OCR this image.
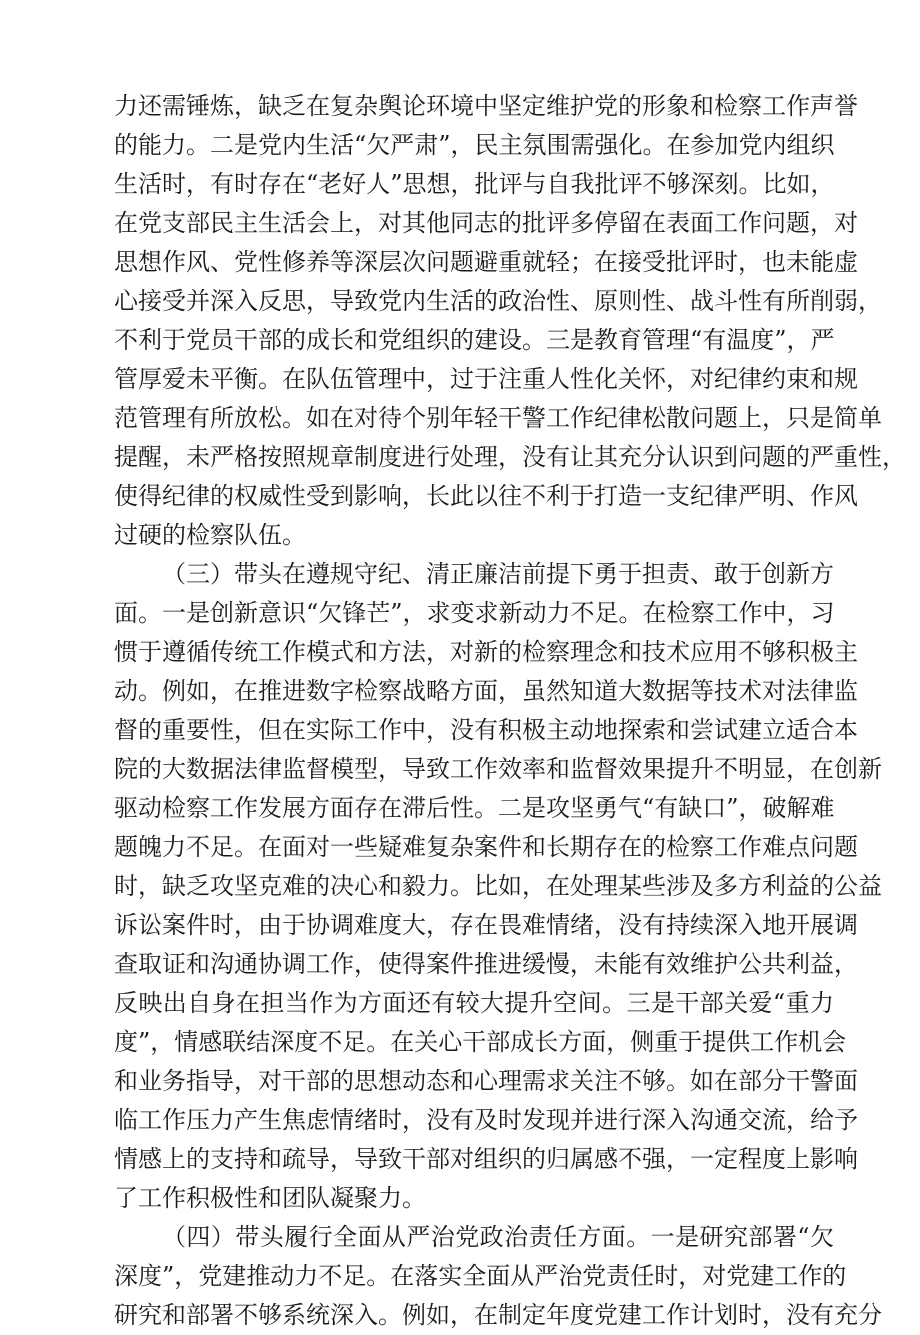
力还需锤炼，缺乏在复杂舆论环境中坚定维护党的形象和检察工作声誉
的能力。二是党内生活“欠严肃”，民主氛围需强化。在参加党内组织
生活时，有时存在“老好人”思想，批评与自我批评不够深刻。比如，
在党支部民主生活会上，对其他同志的批评多停留在表面工作问题，对
思想作风、党性修养等深层次问题避重就轻；在接受批评时，也未能虚
心接受并深入反思，导致党内生活的政治性、原则性、战斗性有所削弱，
不利于党员干部的成长和党组织的建设。三是教育管理“有温度”，严
管厚爱未平衡。在队伍管理中，过于注重人性化关怀，对纪律约束和规
范管理有所放松。如在对待个别年轻干警工作纪律松散问题上，只是简单
提醒，未严格按照规章制度进行处理，没有让其充分认识到问题的严重性，
使得纪律的权威性受到影响，长此以往不利于打造一支纪律严明、作风
过硬的检察队伍。
（三）带头在遵规守纪、清正廉洁前提下勇于担责、敢于创新方
面。一是创新意识“欠锋芒”，求变求新动力不足。在检察工作中，习
惯于遵循传统工作模式和方法，对新的检察理念和技术应用不够积极主
动。例如，在推进数字检察战略方面，虽然知道大数据等技术对法律监
督的重要性，但在实际工作中，没有积极主动地探索和尝试建立适合本
院的大数据法律监督模型，导致工作效率和监督效果提升不明显，在创新
驱动检察工作发展方面存在滞后性。二是攻坚勇气“有缺口”，破解难
题魄力不足。在面对一些疑难复杂案件和长期存在的检察工作难点问题
时，缺乏攻坚克难的决心和毅力。比如，在处理某些涉及多方利益的公益
诉讼案件时，由于协调难度大，存在畏难情绪，没有持续深入地开展调
查取证和沟通协调工作，使得案件推进缓慢，未能有效维护公共利益，
反映出自身在担当作为方面还有较大提升空间。三是干部关爱“重力
度”，情感联结深度不足。在关心干部成长方面，侧重于提供工作机会
和业务指导，对干部的思想动态和心理需求关注不够。如在部分干警面
临工作压力产生焦虑情绪时，没有及时发现并进行深入沟通交流，给予
情感上的支持和疏导，导致干部对组织的归属感不强，一定程度上影响
了工作积极性和团队凝聚力。
（四）带头履行全面从严治党政治责任方面。一是研究部署“欠
深度”，党建推动力不足。在落实全面从严治党责任时，对党建工作的
研究和部署不够系统深入。例如，在制定年度党建工作计划时，没有充分
